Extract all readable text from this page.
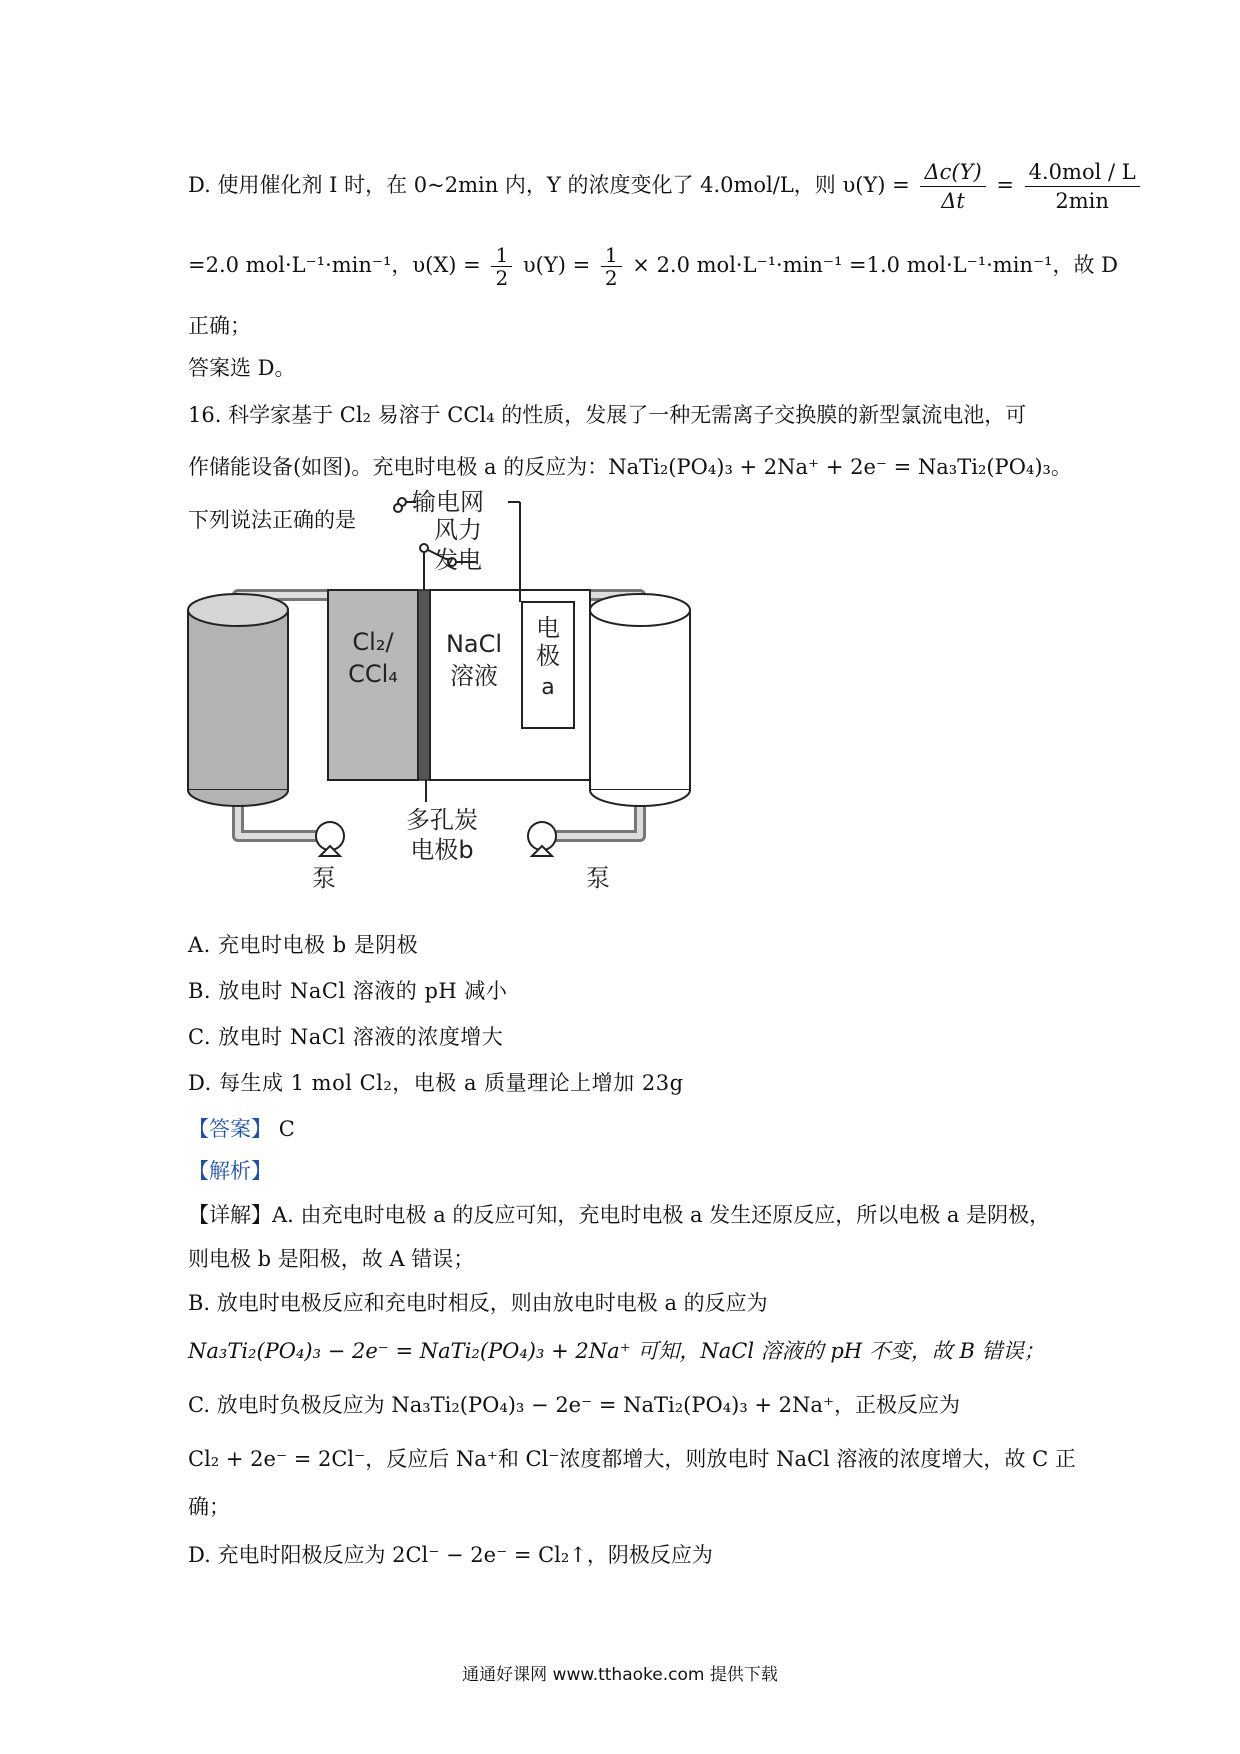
D. 使用催化剂 I 时，在 0~2min 内，Y 的浓度变化了 4.0mol/L，则 $\upsilon(Y) = \frac{\Delta c(Y)}{\Delta t} = \frac{\text{4.0mol / L}}{2\min}$
=2.0 mol·L⁻¹·min⁻¹，$\upsilon(X) = \frac{1}{2} \upsilon(Y) = \frac{1}{2} \times 2.0$ mol·L⁻¹·min⁻¹ =1.0 mol·L⁻¹·min⁻¹，故 D
正确；
答案选 D。
16. 科学家基于 Cl₂ 易溶于 CCl₄ 的性质，发展了一种无需离子交换膜的新型氯流电池，可
作储能设备(如图)。充电时电极 a 的反应为：NaTi₂(PO₄)₃ + 2Na⁺ + 2e⁻ = Na₃Ti₂(PO₄)₃。
下列说法正确的是
输电网
风力
发电
Cl₂/
CCl₄
NaCl
溶液
电
极
a
多孔炭
电极b
泵	泵
A. 充电时电极 b 是阴极
B. 放电时 NaCl 溶液的 pH 减小
C. 放电时 NaCl 溶液的浓度增大
D. 每生成 1 mol Cl₂，电极 a 质量理论上增加 23g
【答案】 C
【解析】
【详解】A. 由充电时电极 a 的反应可知，充电时电极 a 发生还原反应，所以电极 a 是阴极，
则电极 b 是阳极，故 A 错误；
B. 放电时电极反应和充电时相反，则由放电时电极 a 的反应为
Na₃Ti₂(PO₄)₃ − 2e⁻ = NaTi₂(PO₄)₃ + 2Na⁺ 可知，NaCl 溶液的 pH 不变，故 B 错误；
C. 放电时负极反应为 Na₃Ti₂(PO₄)₃ − 2e⁻ = NaTi₂(PO₄)₃ + 2Na⁺，正极反应为
Cl₂ + 2e⁻ = 2Cl⁻，反应后 Na⁺和 Cl⁻浓度都增大，则放电时 NaCl 溶液的浓度增大，故 C 正
确；
D. 充电时阳极反应为 2Cl⁻ − 2e⁻ = Cl₂↑，阴极反应为
通通好课网 www.tthaoke.com 提供下载
